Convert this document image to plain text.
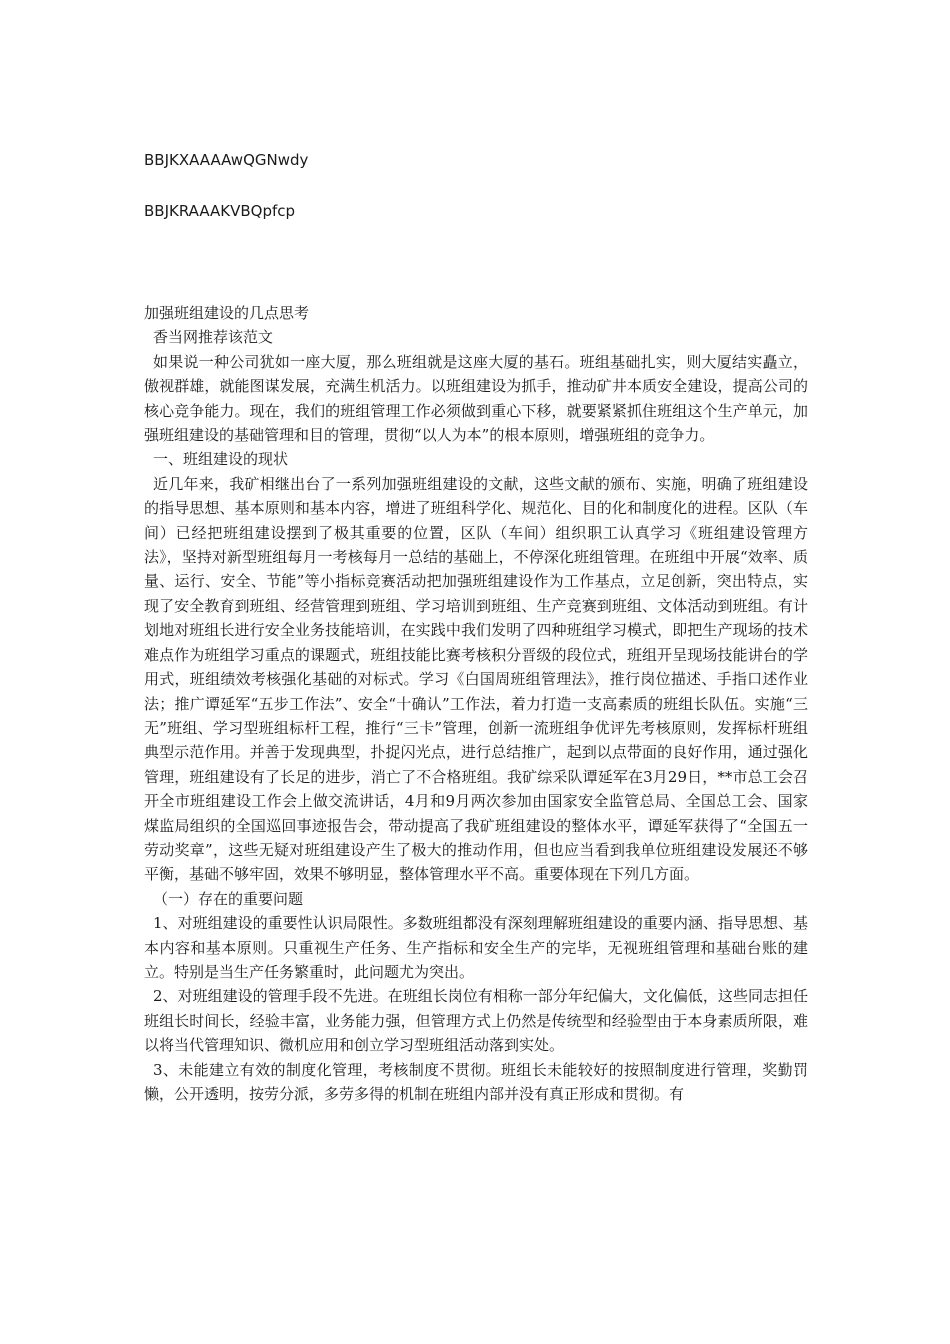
BBJKXAAAAwQGNwdy
BBJKRAAAKVBQpfcp

加强班组建设的几点思考

香当网推荐该范文

如果说一种公司犹如一座大厦，那么班组就是这座大厦的基石。班组基础扎实，则大厦结实矗立，傲视群雄，就能图谋发展，充满生机活力。以班组建设为抓手，推动矿井本质安全建设，提高公司的核心竞争能力。现在，我们的班组管理工作必须做到重心下移，就要紧紧抓住班组这个生产单元，加强班组建设的基础管理和目的管理，贯彻“以人为本”的根本原则，增强班组的竞争力。

一、班组建设的现状

近几年来，我矿相继出台了一系列加强班组建设的文献，这些文献的颁布、实施，明确了班组建设的指导思想、基本原则和基本内容，增进了班组科学化、规范化、目的化和制度化的进程。区队（车间）已经把班组建设摆到了极其重要的位置，区队（车间）组织职工认真学习《班组建设管理方法》，坚持对新型班组每月一考核每月一总结的基础上，不停深化班组管理。在班组中开展“效率、质量、运行、安全、节能”等小指标竞赛活动把加强班组建设作为工作基点，立足创新，突出特点，实现了安全教育到班组、经营管理到班组、学习培训到班组、生产竞赛到班组、文体活动到班组。有计划地对班组长进行安全业务技能培训，在实践中我们发明了四种班组学习模式，即把生产现场的技术难点作为班组学习重点的课题式，班组技能比赛考核积分晋级的段位式，班组开呈现场技能讲台的学用式，班组绩效考核强化基础的对标式。学习《白国周班组管理法》，推行岗位描述、手指口述作业法；推广谭延军“五步工作法”、安全“十确认”工作法，着力打造一支高素质的班组长队伍。实施“三无”班组、学习型班组标杆工程，推行“三卡”管理，创新一流班组争优评先考核原则，发挥标杆班组典型示范作用。并善于发现典型，扑捉闪光点，进行总结推广，起到以点带面的良好作用，通过强化管理，班组建设有了长足的进步，消亡了不合格班组。我矿综采队谭延军在3月29日，**市总工会召开全市班组建设工作会上做交流讲话，4月和9月两次参加由国家安全监管总局、全国总工会、国家煤监局组织的全国巡回事迹报告会，带动提高了我矿班组建设的整体水平，谭延军获得了“全国五一劳动奖章”，这些无疑对班组建设产生了极大的推动作用，但也应当看到我单位班组建设发展还不够平衡，基础不够牢固，效果不够明显，整体管理水平不高。重要体现在下列几方面。

（一）存在的重要问题

1、对班组建设的重要性认识局限性。多数班组都没有深刻理解班组建设的重要内涵、指导思想、基本内容和基本原则。只重视生产任务、生产指标和安全生产的完毕，无视班组管理和基础台账的建立。特别是当生产任务繁重时，此问题尤为突出。

2、对班组建设的管理手段不先进。在班组长岗位有相称一部分年纪偏大，文化偏低，这些同志担任班组长时间长，经验丰富，业务能力强，但管理方式上仍然是传统型和经验型由于本身素质所限，难以将当代管理知识、微机应用和创立学习型班组活动落到实处。

3、未能建立有效的制度化管理，考核制度不贯彻。班组长未能较好的按照制度进行管理，奖勤罚懒，公开透明，按劳分派，多劳多得的机制在班组内部并没有真正形成和贯彻。有
